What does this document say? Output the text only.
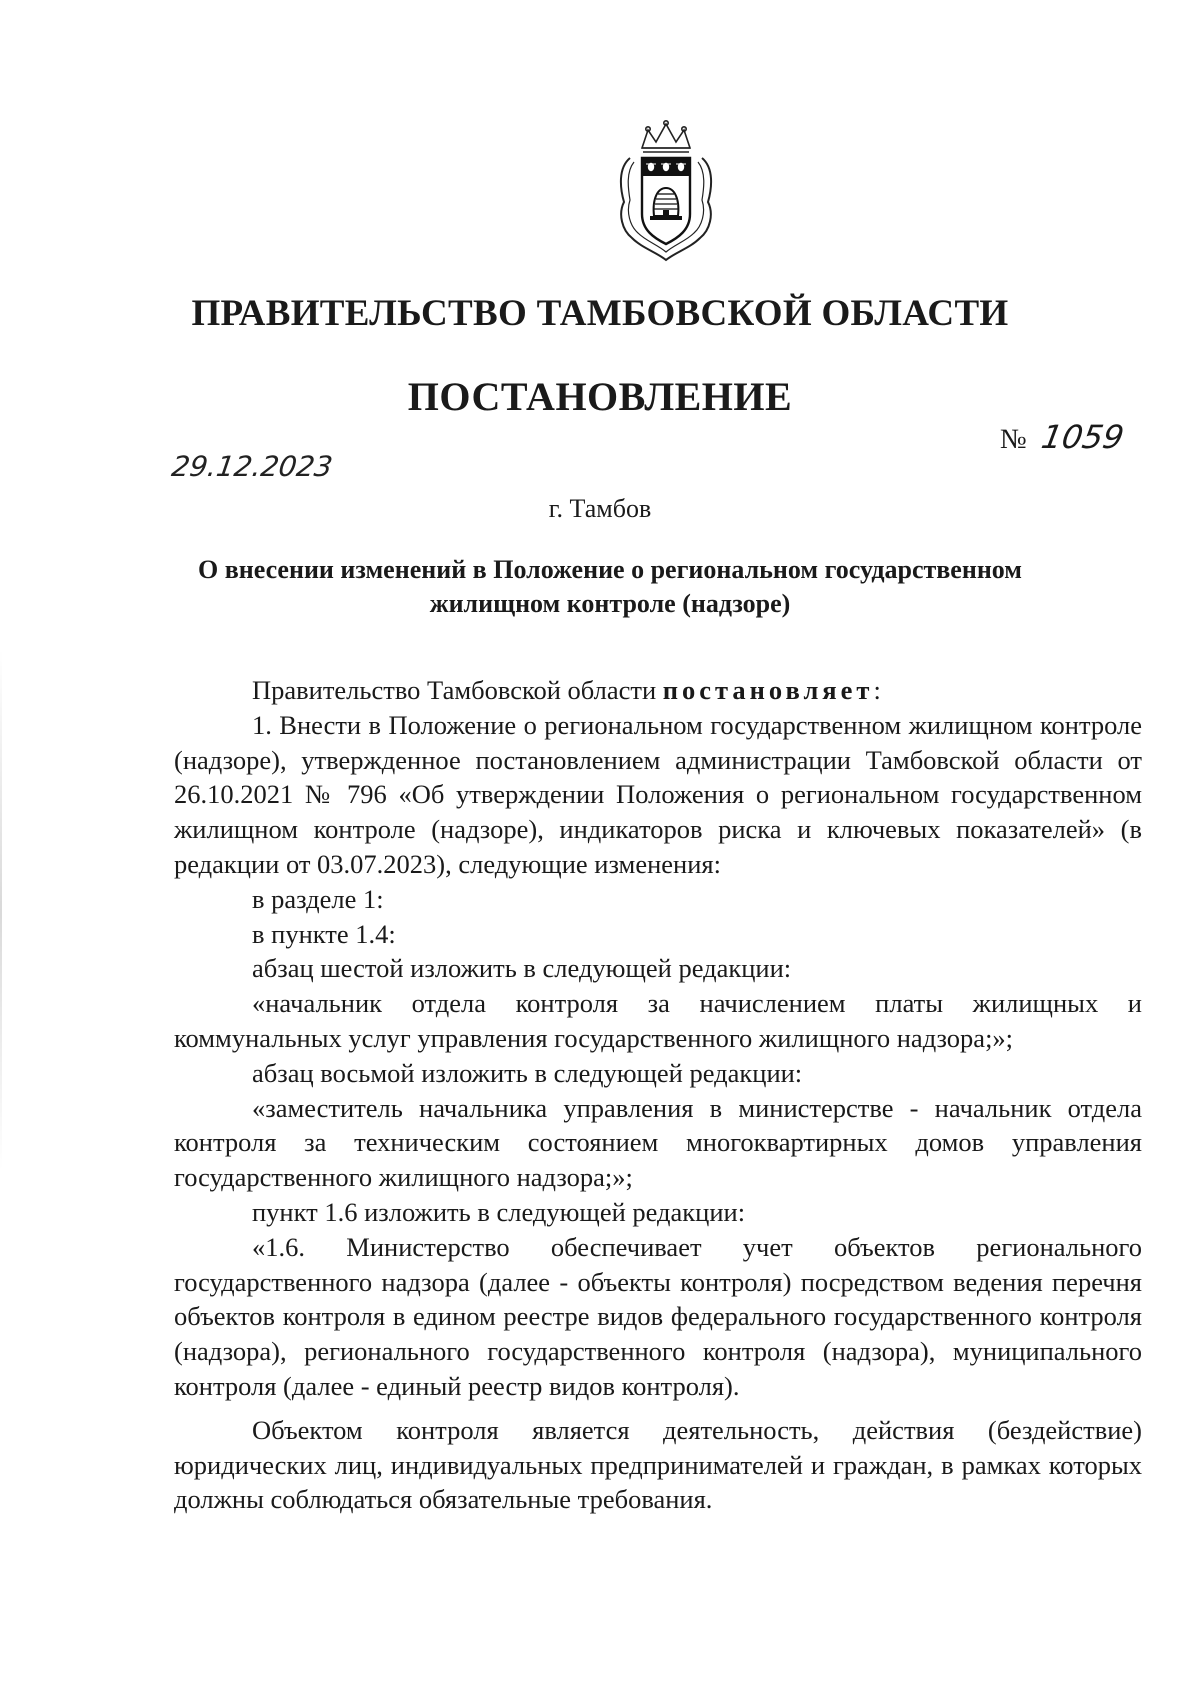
ПРАВИТЕЛЬСТВО ТАМБОВСКОЙ ОБЛАСТИ
ПОСТАНОВЛЕНИЕ
29.12.2023
№ 1059
г. Тамбов
О внесении изменений в Положение о региональном государственном
жилищном контроле (надзоре)

Правительство Тамбовской области постановляет:

1. Внести в Положение о региональном государственном жилищном контроле (надзоре), утвержденное постановлением администрации Тамбовской области от 26.10.2021 № 796 «Об утверждении Положения о региональном государственном жилищном контроле (надзоре), индикаторов риска и ключевых показателей» (в редакции от 03.07.2023), следующие изменения:

в разделе 1:

в пункте 1.4:

абзац шестой изложить в следующей редакции:

«начальник отдела контроля за начислением платы жилищных и коммунальных услуг управления государственного жилищного надзора;»;

абзац восьмой изложить в следующей редакции:

«заместитель начальника управления в министерстве - начальник отдела контроля за техническим состоянием многоквартирных домов управления государственного жилищного надзора;»;

пункт 1.6 изложить в следующей редакции:

«1.6. Министерство обеспечивает учет объектов регионального государственного надзора (далее - объекты контроля) посредством ведения перечня объектов контроля в едином реестре видов федерального государственного контроля (надзора), регионального государственного контроля (надзора), муниципального контроля (далее - единый реестр видов контроля).

Объектом контроля является деятельность, действия (бездействие) юридических лиц, индивидуальных предпринимателей и граждан, в рамках которых должны соблюдаться обязательные требования.
